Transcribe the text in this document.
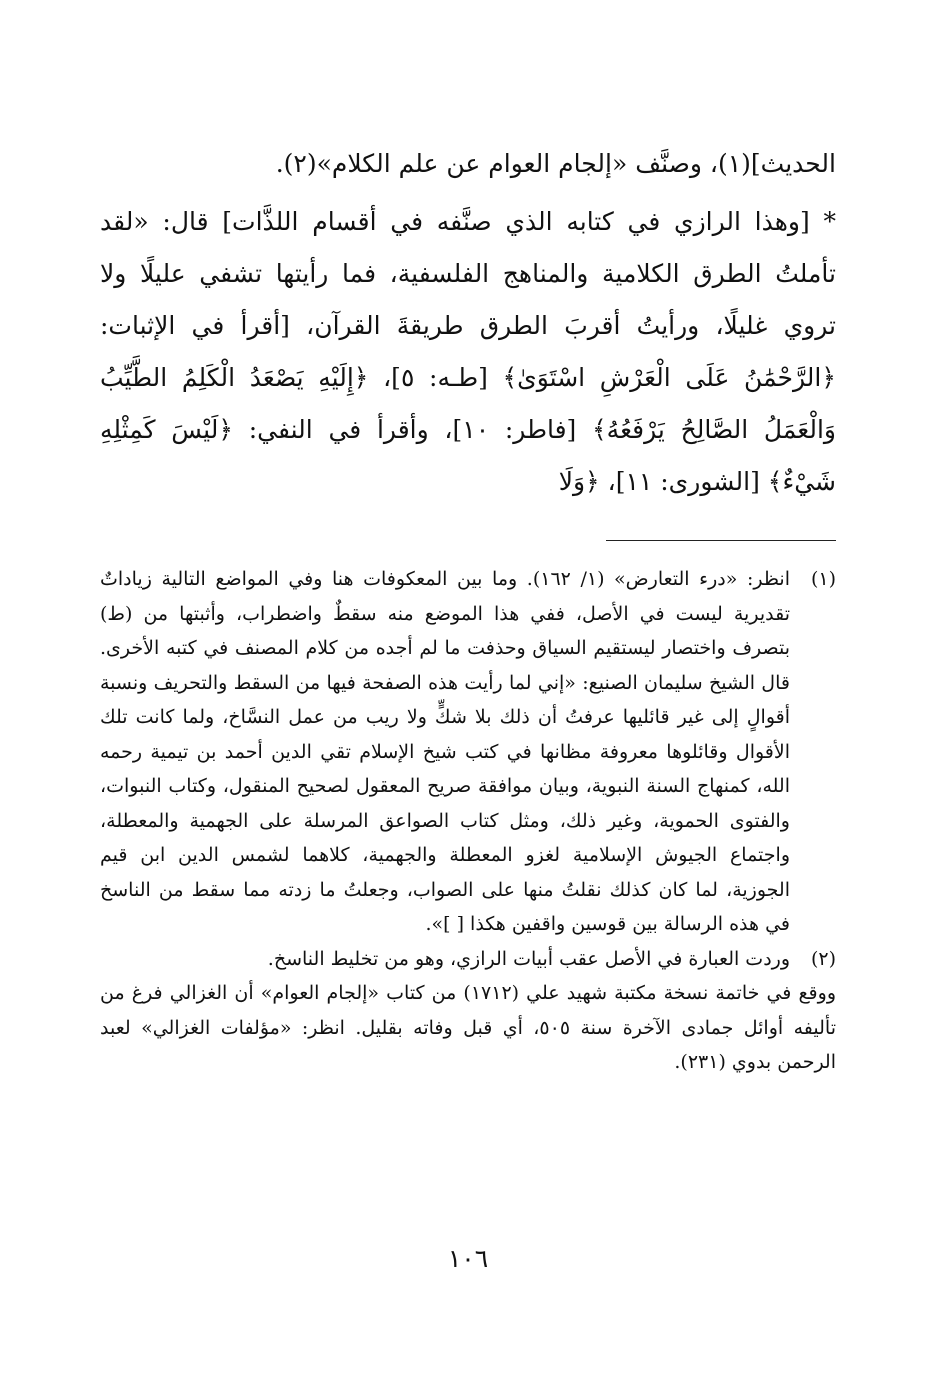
الحديث](١)، وصنَّف «إلجام العوام عن علم الكلام»(٢).

* [وهذا الرازي في كتابه الذي صنَّفه في أقسام اللذَّات] قال: «لقد تأملتُ الطرق الكلامية والمناهج الفلسفية، فما رأيتها تشفي عليلًا ولا تروي غليلًا، ورأيتُ أقربَ الطرق طريقةَ القرآن، [أقرأ في الإثبات: ﴿الرَّحْمَٰنُ عَلَى الْعَرْشِ اسْتَوَىٰ﴾ [طـه: ٥]، ﴿إِلَيْهِ يَصْعَدُ الْكَلِمُ الطَّيِّبُ وَالْعَمَلُ الصَّالِحُ يَرْفَعُهُ﴾ [فاطر: ١٠]، وأقرأ في النفي: ﴿لَيْسَ كَمِثْلِهِ شَيْءٌ﴾ [الشورى: ١١]، ﴿وَلَا

(١)
انظر: «درء التعارض» (١/ ١٦٢). وما بين المعكوفات هنا وفي المواضع التالية زياداتٌ تقديرية ليست في الأصل، ففي هذا الموضع منه سقطٌ واضطراب، وأثبتها من (ط) بتصرف واختصار ليستقيم السياق وحذفت ما لم أجده من كلام المصنف في كتبه الأخرى. قال الشيخ سليمان الصنيع: «إني لما رأيت هذه الصفحة فيها من السقط والتحريف ونسبة أقوالٍ إلى غير قائليها عرفتُ أن ذلك بلا شكٍّ ولا ريب من عمل النسَّاخ، ولما كانت تلك الأقوال وقائلوها معروفة مظانها في كتب شيخ الإسلام تقي الدين أحمد بن تيمية رحمه الله، كمنهاج السنة النبوية، وبيان موافقة صريح المعقول لصحيح المنقول، وكتاب النبوات، والفتوى الحموية، وغير ذلك، ومثل كتاب الصواعق المرسلة على الجهمية والمعطلة، واجتماع الجيوش الإسلامية لغزو المعطلة والجهمية، كلاهما لشمس الدين ابن قيم الجوزية، لما كان كذلك نقلتُ منها على الصواب، وجعلتُ ما زدته مما سقط من الناسخ في هذه الرسالة بين قوسين واقفين هكذا [ ]».
(٢)
وردت العبارة في الأصل عقب أبيات الرازي، وهو من تخليط الناسخ.

ووقع في خاتمة نسخة مكتبة شهيد علي (١٧١٢) من كتاب «إلجام العوام» أن الغزالي فرغ من تأليفه أوائل جمادى الآخرة سنة ٥٠٥، أي قبل وفاته بقليل. انظر: «مؤلفات الغزالي» لعبد الرحمن بدوي (٢٣١).

١٠٦
